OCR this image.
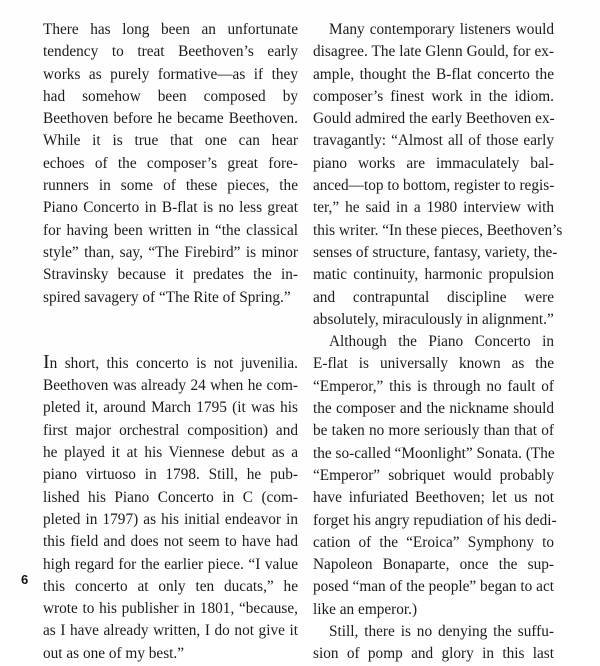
There has long been an unfortunate
tendency to treat Beethoven’s early
works as purely formative—as if they
had somehow been composed by
Beethoven before he became Beethoven.
While it is true that one can hear
echoes of the composer’s great fore-
runners in some of these pieces, the
Piano Concerto in B-flat is no less great
for having been written in “the classical
style” than, say, “The Firebird” is minor
Stravinsky because it predates the in-
spired savagery of “The Rite of Spring.”
In short, this concerto is not juvenilia.
Beethoven was already 24 when he com-
pleted it, around March 1795 (it was his
first major orchestral composition) and
he played it at his Viennese debut as a
piano virtuoso in 1798. Still, he pub-
lished his Piano Concerto in C (com-
pleted in 1797) as his initial endeavor in
this field and does not seem to have had
high regard for the earlier piece. “I value
this concerto at only ten ducats,” he
wrote to his publisher in 1801, “because,
as I have already written, I do not give it
out as one of my best.”
Many contemporary listeners would
disagree. The late Glenn Gould, for ex-
ample, thought the B-flat concerto the
composer’s finest work in the idiom.
Gould admired the early Beethoven ex-
travagantly: “Almost all of those early
piano works are immaculately bal-
anced—top to bottom, register to regis-
ter,” he said in a 1980 interview with
this writer. “In these pieces, Beethoven’s
senses of structure, fantasy, variety, the-
matic continuity, harmonic propulsion
and contrapuntal discipline were
absolutely, miraculously in alignment.”
Although the Piano Concerto in
E-flat is universally known as the
“Emperor,” this is through no fault of
the composer and the nickname should
be taken no more seriously than that of
the so-called “Moonlight” Sonata. (The
“Emperor” sobriquet would probably
have infuriated Beethoven; let us not
forget his angry repudiation of his dedi-
cation of the “Eroica” Symphony to
Napoleon Bonaparte, once the sup-
posed “man of the people” began to act
like an emperor.)
Still, there is no denying the suffu-
sion of pomp and glory in this last
6
